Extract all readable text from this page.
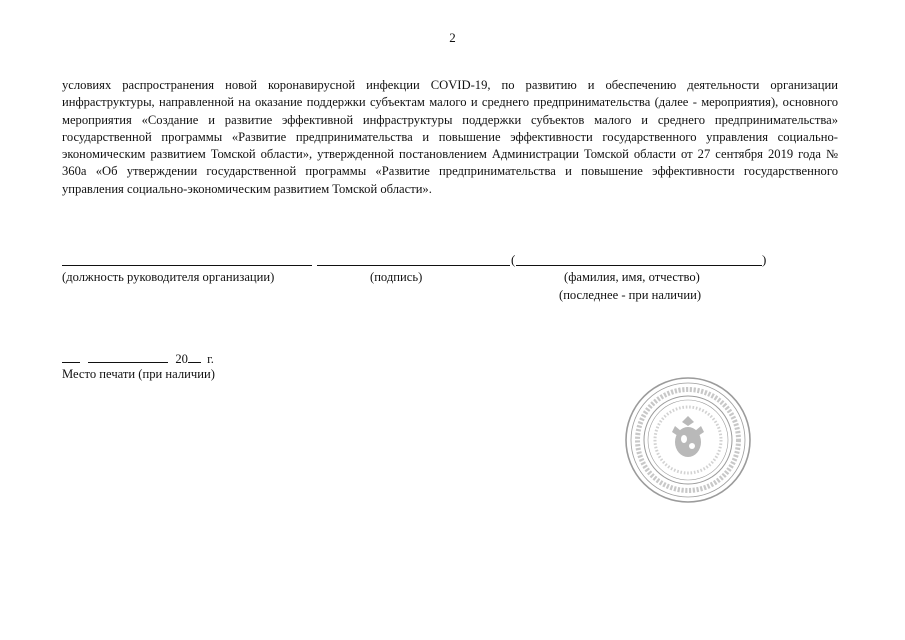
2
условиях распространения новой коронавирусной инфекции COVID-19, по развитию и обеспечению деятельности организации инфраструктуры, направленной на оказание поддержки субъектам малого и среднего предпринимательства (далее - мероприятия), основного мероприятия «Создание и развитие эффективной инфраструктуры поддержки субъектов малого и среднего предпринимательства» государственной программы «Развитие предпринимательства и повышение эффективности государственного управления социально-экономическим развитием Томской области», утвержденной постановлением Администрации Томской области от 27 сентября 2019 года № 360а «Об утверждении государственной программы «Развитие предпринимательства и повышение эффективности государственного управления социально-экономическим развитием Томской области».
(	)
(должность руководителя организации)	(подпись)	(фамилия, имя, отчество)
(последнее - при наличии)
20 г.
Место печати (при наличии)
